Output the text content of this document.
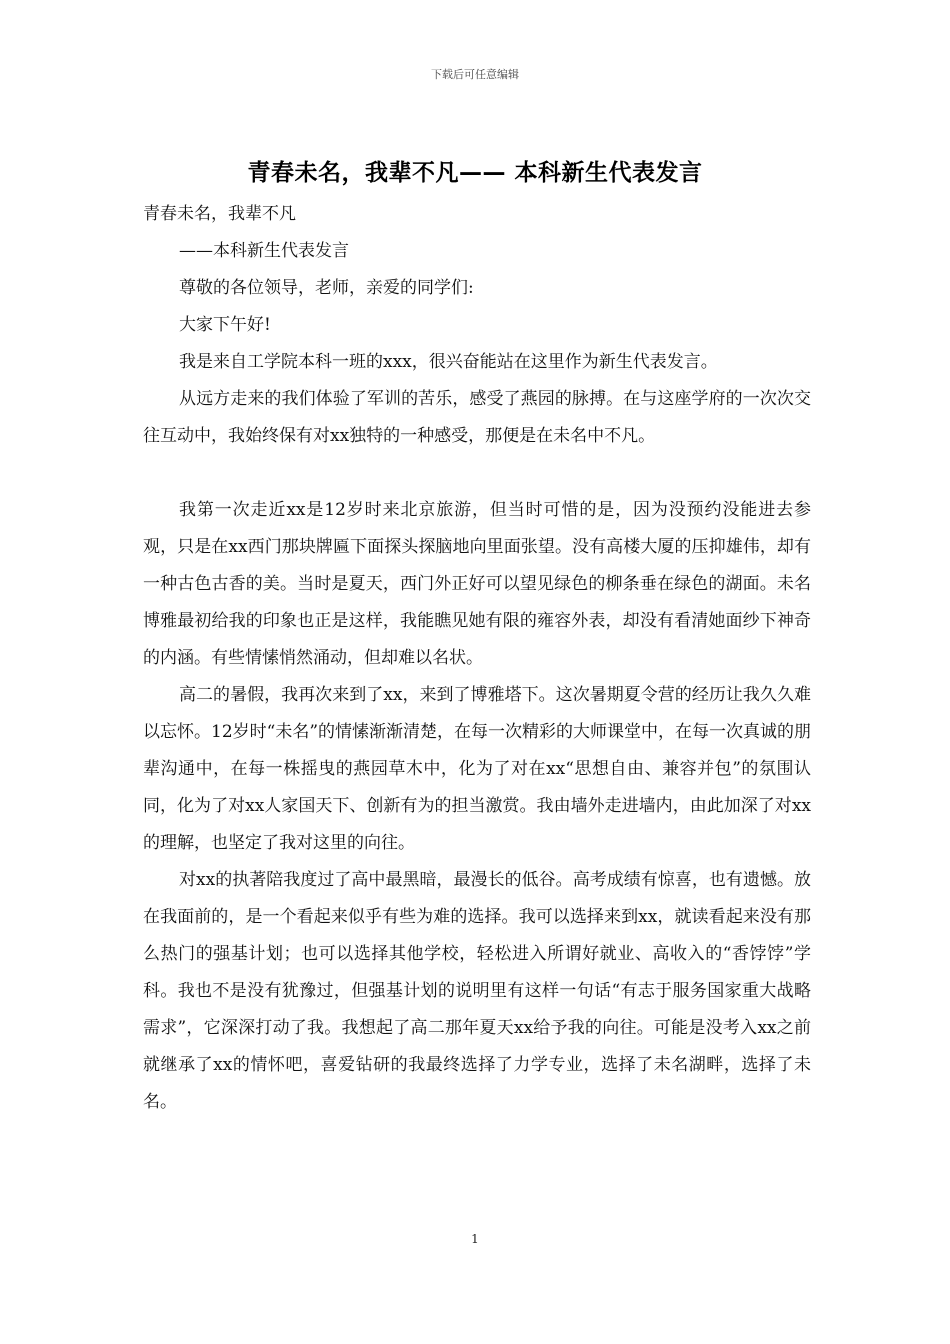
下载后可任意编辑
青春未名，我辈不凡—— 本科新生代表发言

青春未名，我辈不凡

——本科新生代表发言

尊敬的各位领导，老师，亲爱的同学们:

大家下午好!

我是来自工学院本科一班的xxx，很兴奋能站在这里作为新生代表发言。

从远方走来的我们体验了军训的苦乐，感受了燕园的脉搏。在与这座学府的一次次交往互动中，我始终保有对xx独特的一种感受，那便是在未名中不凡。

我第一次走近xx是12岁时来北京旅游，但当时可惜的是，因为没预约没能进去参观，只是在xx西门那块牌匾下面探头探脑地向里面张望。没有高楼大厦的压抑雄伟，却有一种古色古香的美。当时是夏天，西门外正好可以望见绿色的柳条垂在绿色的湖面。未名博雅最初给我的印象也正是这样，我能瞧见她有限的雍容外表，却没有看清她面纱下神奇的内涵。有些情愫悄然涌动，但却难以名状。

高二的暑假，我再次来到了xx，来到了博雅塔下。这次暑期夏令营的经历让我久久难以忘怀。12岁时“未名”的情愫渐渐清楚，在每一次精彩的大师课堂中，在每一次真诚的朋辈沟通中，在每一株摇曳的燕园草木中，化为了对在xx“思想自由、兼容并包”的氛围认同，化为了对xx人家国天下、创新有为的担当激赏。我由墙外走进墙内，由此加深了对xx的理解，也坚定了我对这里的向往。

对xx的执著陪我度过了高中最黑暗，最漫长的低谷。高考成绩有惊喜，也有遗憾。放在我面前的，是一个看起来似乎有些为难的选择。我可以选择来到xx，就读看起来没有那么热门的强基计划；也可以选择其他学校，轻松进入所谓好就业、高收入的“香饽饽”学科。我也不是没有犹豫过，但强基计划的说明里有这样一句话“有志于服务国家重大战略需求”，它深深打动了我。我想起了高二那年夏天xx给予我的向往。可能是没考入xx之前就继承了xx的情怀吧，喜爱钻研的我最终选择了力学专业，选择了未名湖畔，选择了未名。

1
